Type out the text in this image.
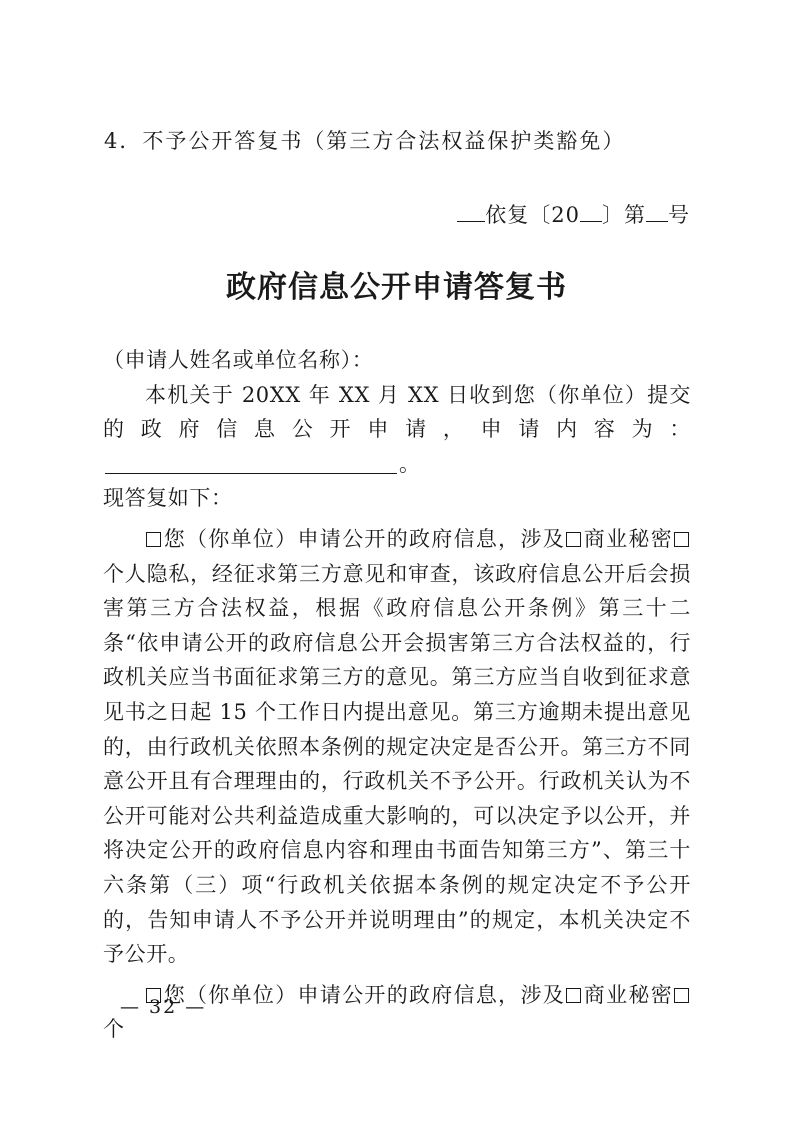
4．不予公开答复书（第三方合法权益保护类豁免）
依复〔20 〕第 号
政府信息公开申请答复书

（申请人姓名或单位名称）：

本机关于 20XX 年 XX 月 XX 日收到您（你单位）提交的政府信息公开申请，申请内容为：。

现答复如下：

您（你单位）申请公开的政府信息，涉及 商业秘密个人隐私，经征求第三方意见和审查，该政府信息公开后会损害第三方合法权益，根据《政府信息公开条例》第三十二条“依申请公开的政府信息公开会损害第三方合法权益的，行政机关应当书面征求第三方的意见。第三方应当自收到征求意见书之日起 15 个工作日内提出意见。第三方逾期未提出意见的，由行政机关依照本条例的规定决定是否公开。第三方不同意公开且有合理理由的，行政机关不予公开。行政机关认为不公开可能对公共利益造成重大影响的，可以决定予以公开，并将决定公开的政府信息内容和理由书面告知第三方”、第三十六条第（三）项“行政机关依据本条例的规定决定不予公开的，告知申请人不予公开并说明理由”的规定，本机关决定不予公开。

您（你单位）申请公开的政府信息，涉及 商业秘密个

— 32 —
